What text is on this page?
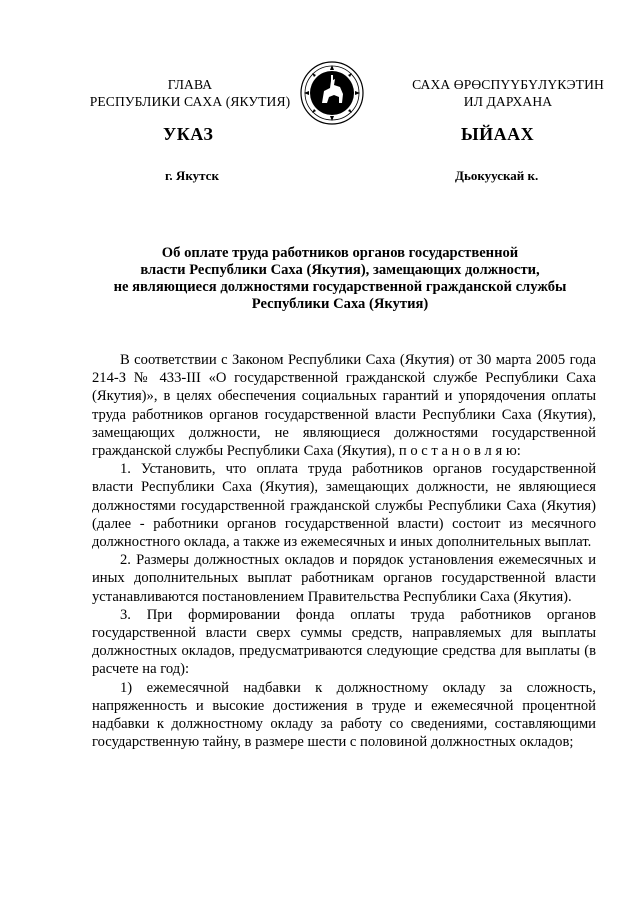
ГЛАВА
РЕСПУБЛИКИ САХА (ЯКУТИЯ)
САХА ӨРӨСПҮҮБҮЛҮКЭТИН
ИЛ ДАРХАНА
УКАЗ	ЫЙААХ
г. Якутск	Дьокуускай к.
Об оплате труда работников органов государственной
власти Республики Саха (Якутия), замещающих должности,
не являющиеся должностями государственной гражданской службы
Республики Саха (Якутия)

В соответствии с Законом Республики Саха (Якутия) от 30 марта 2005 года 214-З № 433-III «О государственной гражданской службе Республики Саха (Якутия)», в целях обеспечения социальных гарантий и упорядочения оплаты труда работников органов государственной власти Республики Саха (Якутия), замещающих должности, не являющиеся должностями государственной гражданской службы Республики Саха (Якутия), п о с т а н о в л я ю:

1. Установить, что оплата труда работников органов государственной власти Республики Саха (Якутия), замещающих должности, не являющиеся должностями государственной гражданской службы Республики Саха (Якутия) (далее - работники органов государственной власти) состоит из месячного должностного оклада, а также из ежемесячных и иных дополнительных выплат.

2. Размеры должностных окладов и порядок установления ежемесячных и иных дополнительных выплат работникам органов государственной власти устанавливаются постановлением Правительства Республики Саха (Якутия).

3. При формировании фонда оплаты труда работников органов государственной власти сверх суммы средств, направляемых для выплаты должностных окладов, предусматриваются следующие средства для выплаты (в расчете на год):

1) ежемесячной надбавки к должностному окладу за сложность, напряженность и высокие достижения в труде и ежемесячной процентной надбавки к должностному окладу за работу со сведениями, составляющими государственную тайну, в размере шести с половиной должностных окладов;
